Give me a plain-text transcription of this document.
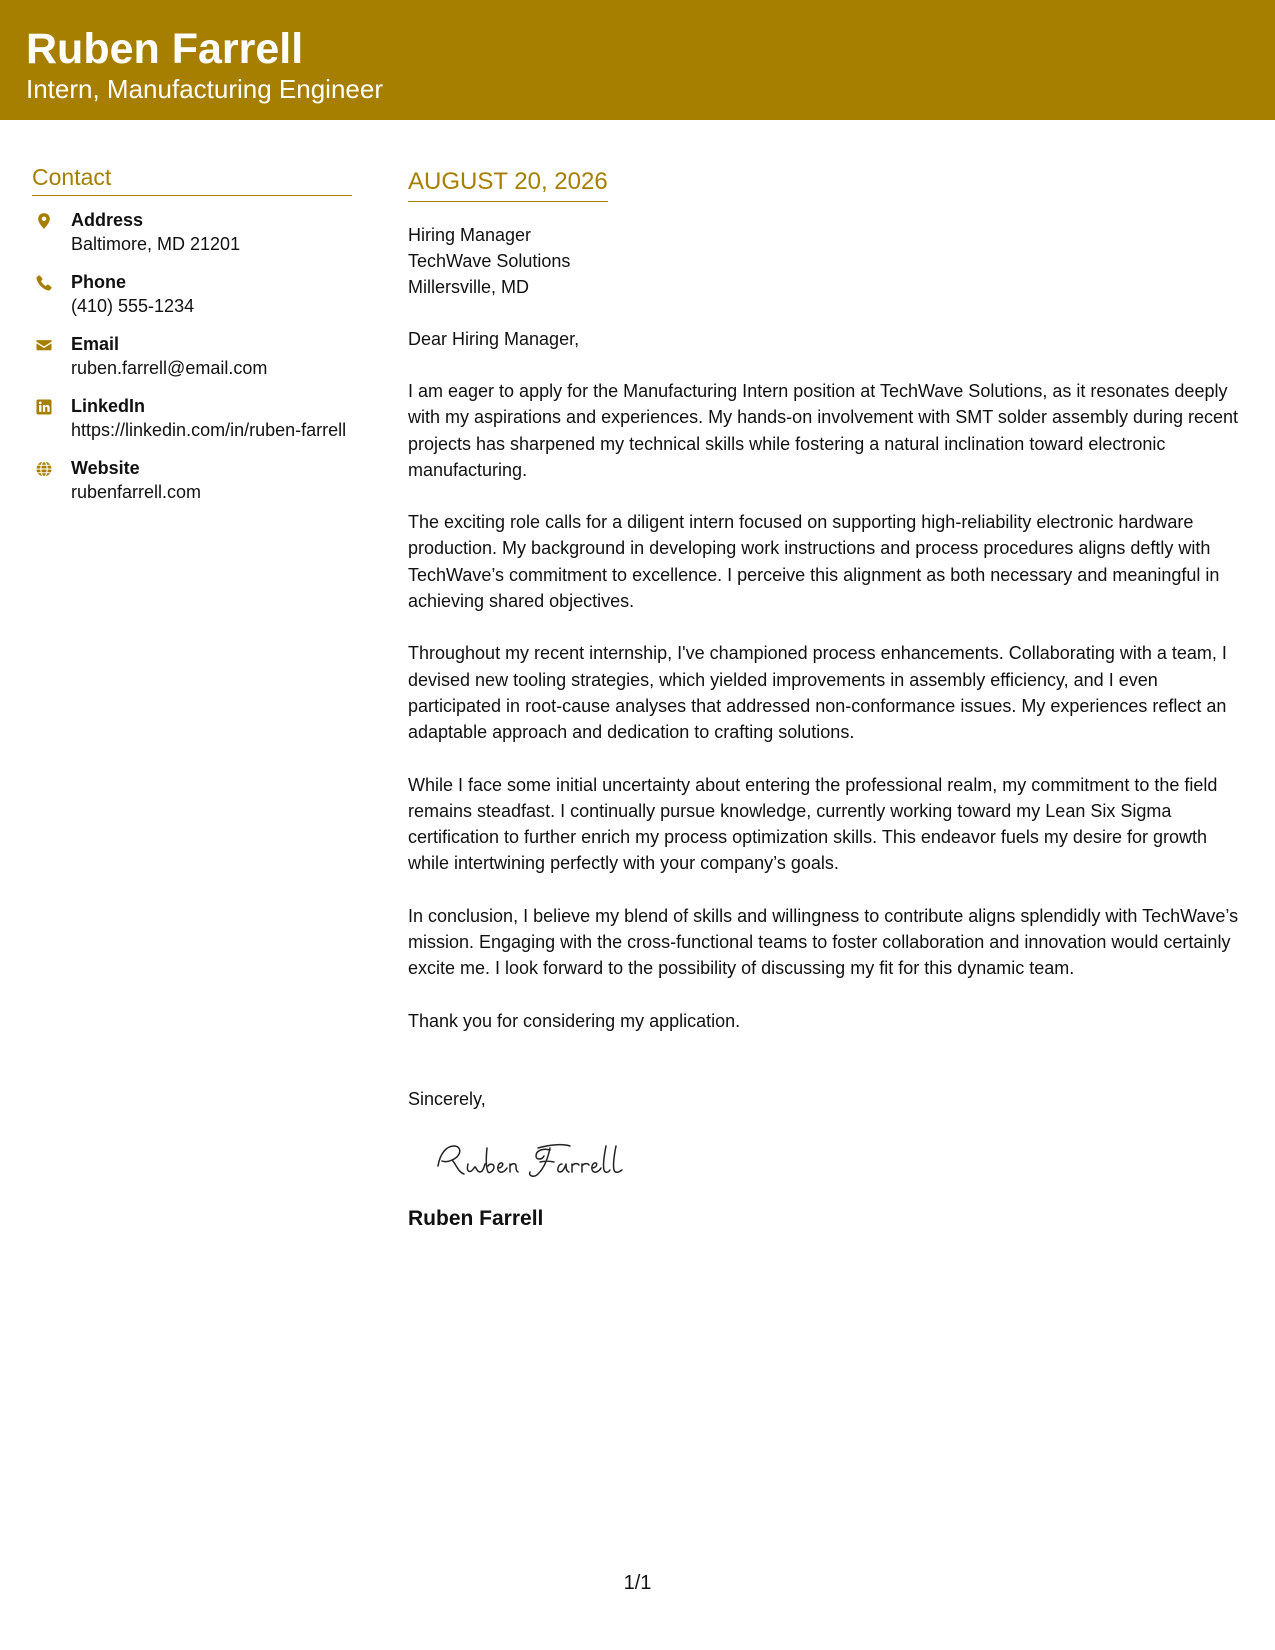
Ruben Farrell
Intern, Manufacturing Engineer
Contact
Address
Baltimore, MD 21201
Phone
(410) 555-1234
Email
ruben.farrell@email.com
LinkedIn
https://linkedin.com/in/ruben-farrell
Website
rubenfarrell.com
AUGUST 20, 2026
Hiring Manager
TechWave Solutions
Millersville, MD
Dear Hiring Manager,
I am eager to apply for the Manufacturing Intern position at TechWave Solutions, as it resonates deeply with my aspirations and experiences. My hands-on involvement with SMT solder assembly during recent projects has sharpened my technical skills while fostering a natural inclination toward electronic manufacturing.
The exciting role calls for a diligent intern focused on supporting high-reliability electronic hardware production. My background in developing work instructions and process procedures aligns deftly with TechWave’s commitment to excellence. I perceive this alignment as both necessary and meaningful in achieving shared objectives.
Throughout my recent internship, I've championed process enhancements. Collaborating with a team, I devised new tooling strategies, which yielded improvements in assembly efficiency, and I even participated in root-cause analyses that addressed non-conformance issues. My experiences reflect an adaptable approach and dedication to crafting solutions.
While I face some initial uncertainty about entering the professional realm, my commitment to the field remains steadfast. I continually pursue knowledge, currently working toward my Lean Six Sigma certification to further enrich my process optimization skills. This endeavor fuels my desire for growth while intertwining perfectly with your company’s goals.
In conclusion, I believe my blend of skills and willingness to contribute aligns splendidly with TechWave’s mission. Engaging with the cross-functional teams to foster collaboration and innovation would certainly excite me. I look forward to the possibility of discussing my fit for this dynamic team.
Thank you for considering my application.
Sincerely,
Ruben Farrell
1/1
